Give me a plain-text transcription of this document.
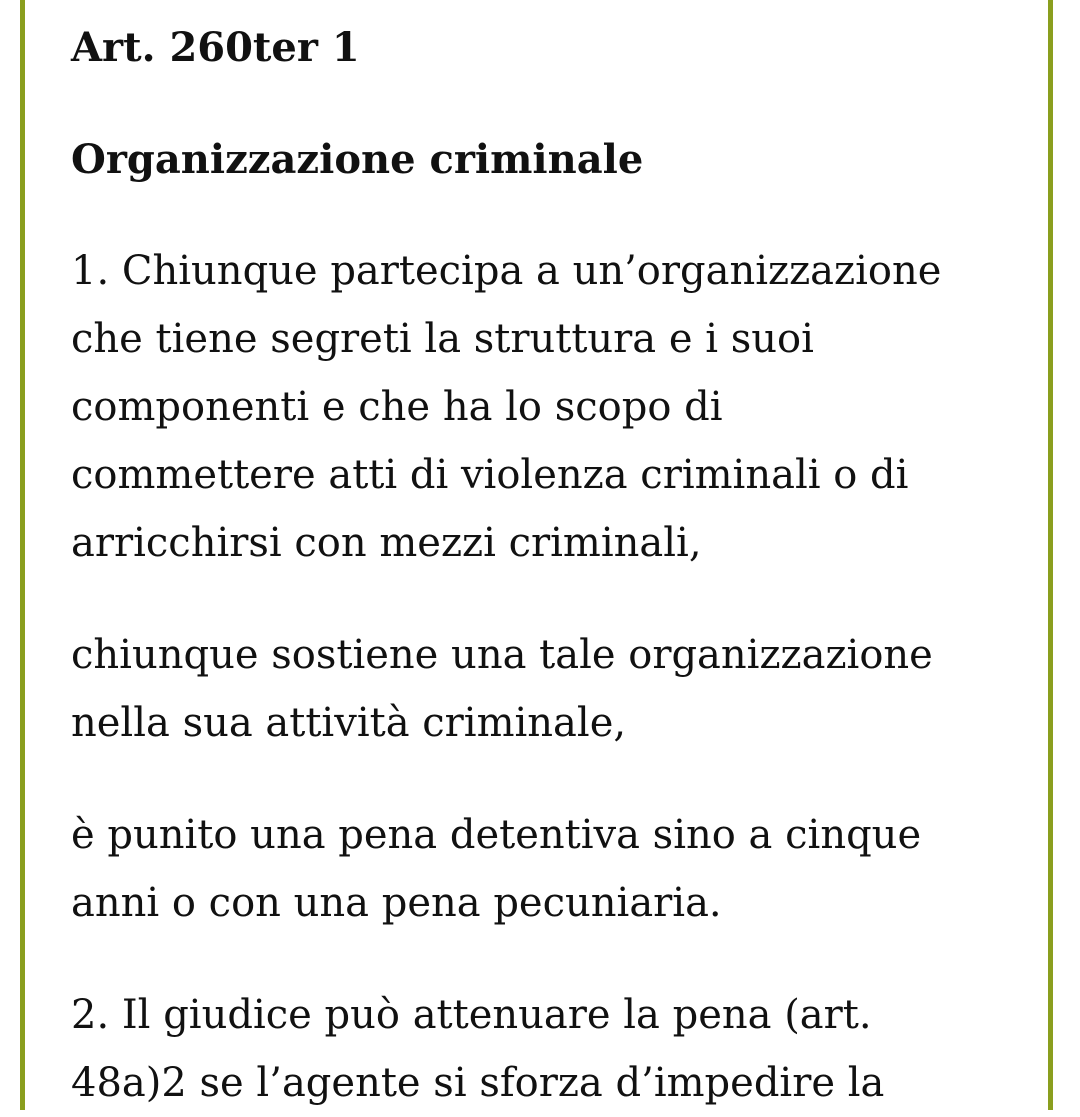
Art. 260ter 1
Organizzazione criminale

1. Chiunque partecipa a un’organizzazione
che tiene segreti la struttura e i suoi
componenti e che ha lo scopo di
commettere atti di violenza criminali o di
arricchirsi con mezzi criminali,

chiunque sostiene una tale organizzazione
nella sua attività criminale,

è punito una pena detentiva sino a cinque
anni o con una pena pecuniaria.

2. Il giudice può attenuare la pena (art.
48a)2 se l’agente si sforza d’impedire la
